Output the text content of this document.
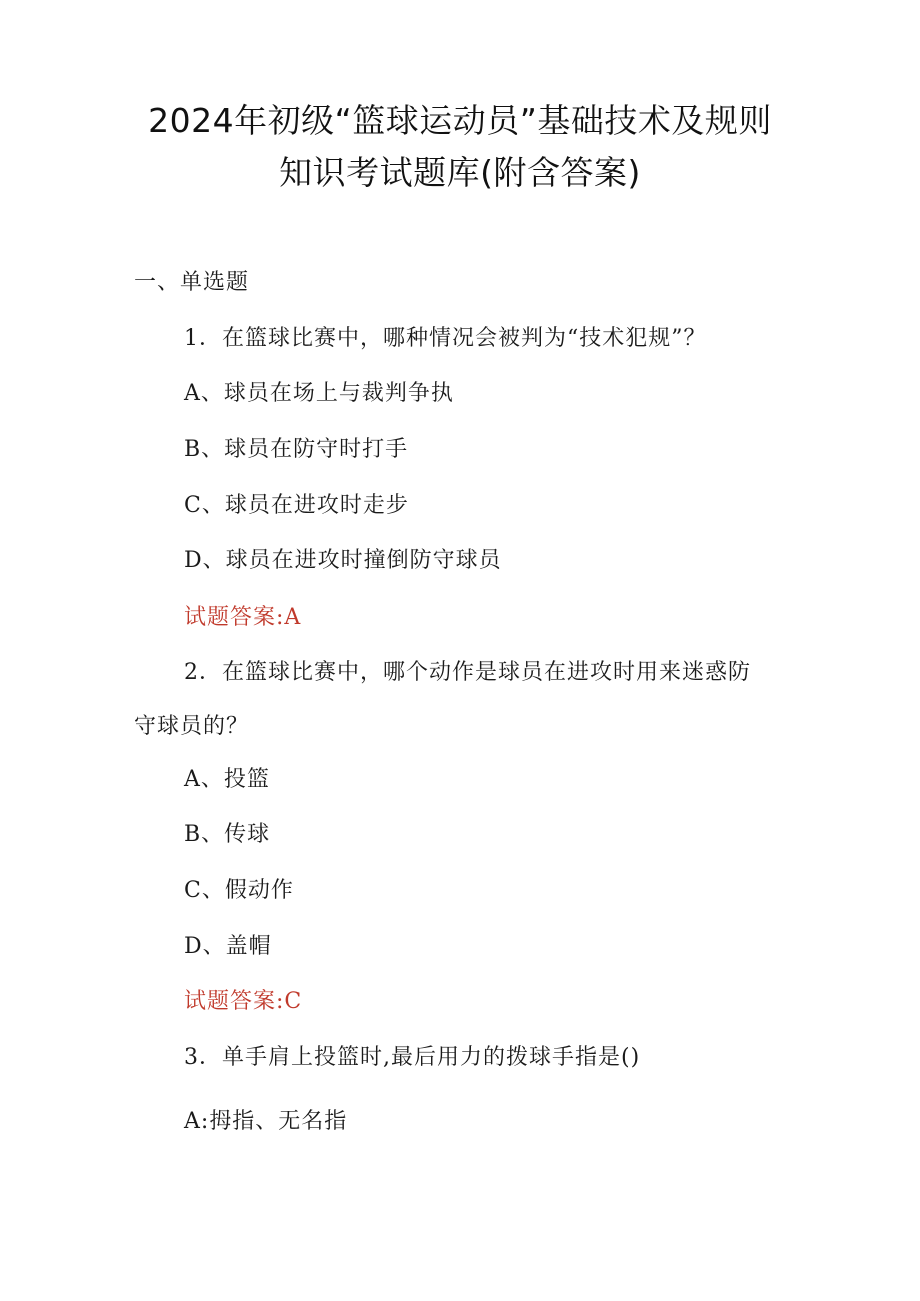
2024年初级“篮球运动员”基础技术及规则
知识考试题库(附含答案)
一、单选题
1．在篮球比赛中，哪种情况会被判为“技术犯规”？
A、球员在场上与裁判争执
B、球员在防守时打手
C、球员在进攻时走步
D、球员在进攻时撞倒防守球员
试题答案:A
2．在篮球比赛中，哪个动作是球员在进攻时用来迷惑防
守球员的？
A、投篮
B、传球
C、假动作
D、盖帽
试题答案:C
3．单手肩上投篮时,最后用力的拨球手指是()
A:拇指、无名指
